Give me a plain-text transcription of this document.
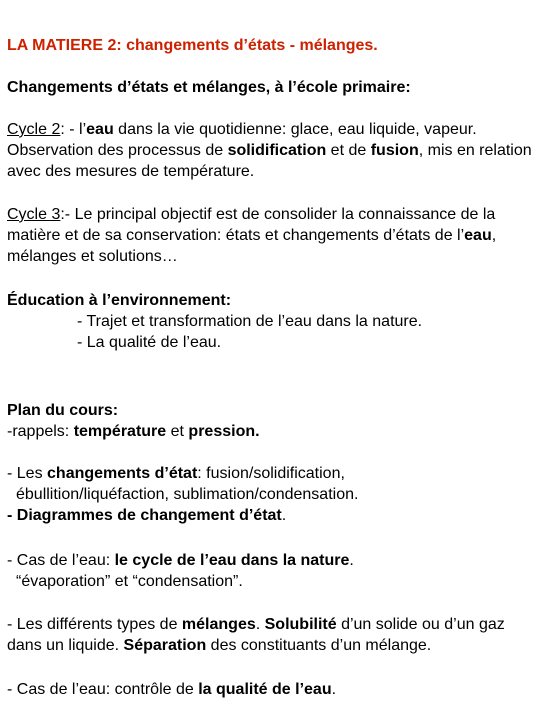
LA MATIERE 2: changements d’états - mélanges.
Changements d’états et mélanges, à l’école primaire:
Cycle 2: - l’eau dans la vie quotidienne: glace, eau liquide, vapeur. Observation des processus de solidification et de fusion, mis en relation avec des mesures de température.
Cycle 3:- Le principal objectif est de consolider la connaissance de la matière et de sa conservation: états et changements d’états de l’eau, mélanges et solutions…
Éducation à l’environnement:
- Trajet et transformation de l’eau dans la nature.
- La qualité de l’eau.
Plan du cours:
-rappels: température et pression.
- Les changements d’état: fusion/solidification,
ébullition/liquéfaction, sublimation/condensation.
- Diagrammes de changement d’état.
- Cas de l’eau: le cycle de l’eau dans la nature.
“évaporation” et “condensation”.
- Les différents types de mélanges. Solubilité d’un solide ou d’un gaz dans un liquide. Séparation des constituants d’un mélange.
- Cas de l’eau: contrôle de la qualité de l’eau.
